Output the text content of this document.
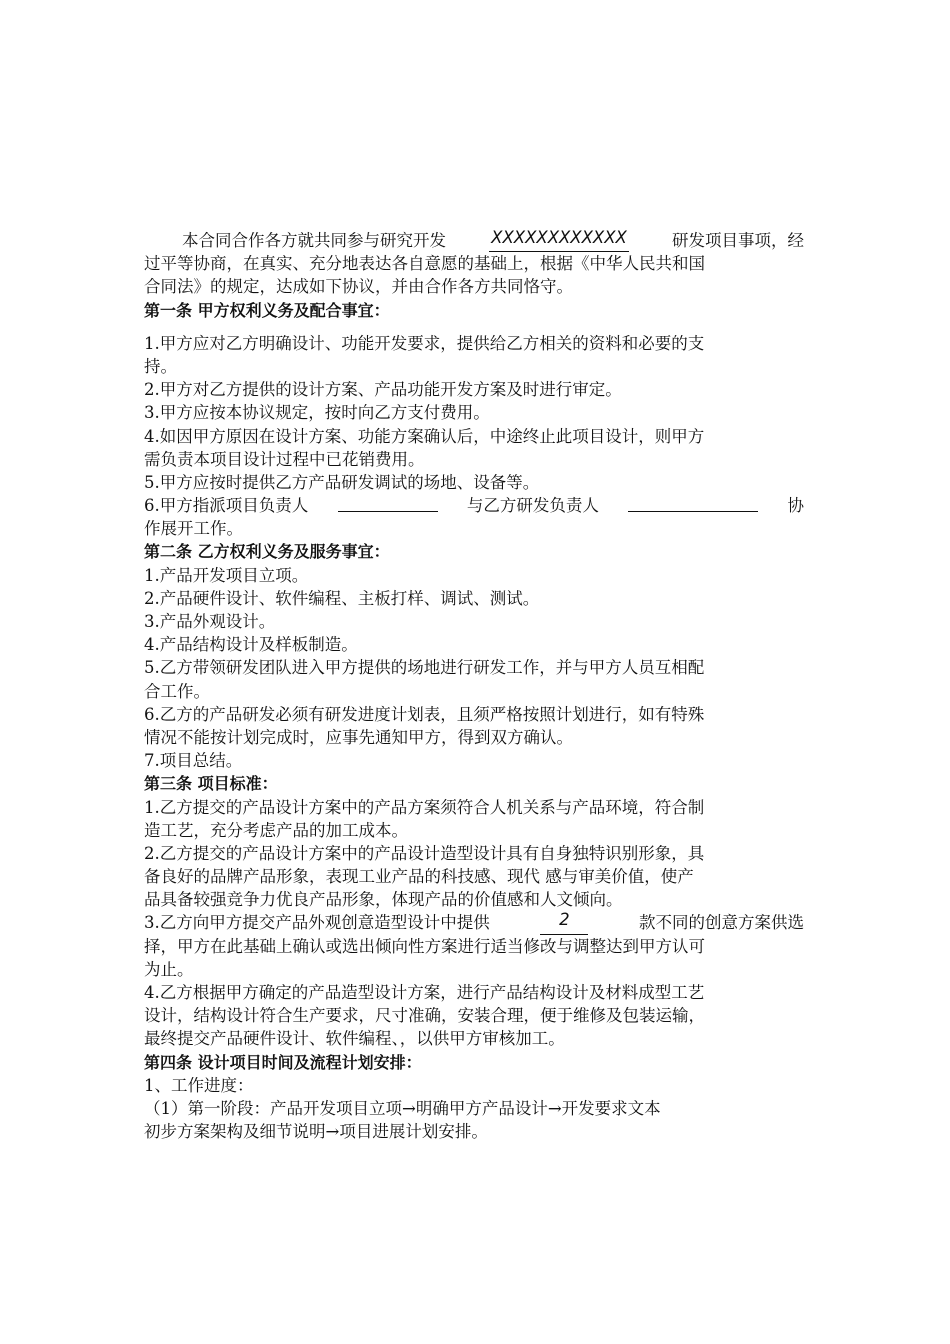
本合同合作各方就共同参与研究开发	XXXXXXXXXXXX	研发项目事项，经
过平等协商，在真实、充分地表达各自意愿的基础上，根据《中华人民共和国
合同法》的规定，达成如下协议，并由合作各方共同恪守。
第一条 甲方权利义务及配合事宜：
1.甲方应对乙方明确设计、功能开发要求，提供给乙方相关的资料和必要的支
持。
2.甲方对乙方提供的设计方案、产品功能开发方案及时进行审定。
3.甲方应按本协议规定，按时向乙方支付费用。
4.如因甲方原因在设计方案、功能方案确认后，中途终止此项目设计，则甲方
需负责本项目设计过程中已花销费用。
5.甲方应按时提供乙方产品研发调试的场地、设备等。
6.甲方指派项目负责人	与乙方研发负责人	协
作展开工作。
第二条 乙方权利义务及服务事宜：
1.产品开发项目立项。
2.产品硬件设计、软件编程、主板打样、调试、测试。
3.产品外观设计。
4.产品结构设计及样板制造。
5.乙方带领研发团队进入甲方提供的场地进行研发工作，并与甲方人员互相配
合工作。
6.乙方的产品研发必须有研发进度计划表，且须严格按照计划进行，如有特殊
情况不能按计划完成时，应事先通知甲方，得到双方确认。
7.项目总结。
第三条 项目标准：
1.乙方提交的产品设计方案中的产品方案须符合人机关系与产品环境，符合制
造工艺，充分考虑产品的加工成本。
2.乙方提交的产品设计方案中的产品设计造型设计具有自身独特识别形象，具
备良好的品牌产品形象，表现工业产品的科技感、现代 感与审美价值，使产
品具备较强竞争力优良产品形象，体现产品的价值感和人文倾向。
3.乙方向甲方提交产品外观创意造型设计中提供	2	款不同的创意方案供选
择，甲方在此基础上确认或选出倾向性方案进行适当修改与调整达到甲方认可
为止。
4.乙方根据甲方确定的产品造型设计方案，进行产品结构设计及材料成型工艺
设计，结构设计符合生产要求，尺寸准确，安装合理，便于维修及包装运输，
最终提交产品硬件设计、软件编程、，以供甲方审核加工。
第四条 设计项目时间及流程计划安排：
1、工作进度：
（1）第一阶段：产品开发项目立项→明确甲方产品设计→开发要求文本
初步方案架构及细节说明→项目进展计划安排。
